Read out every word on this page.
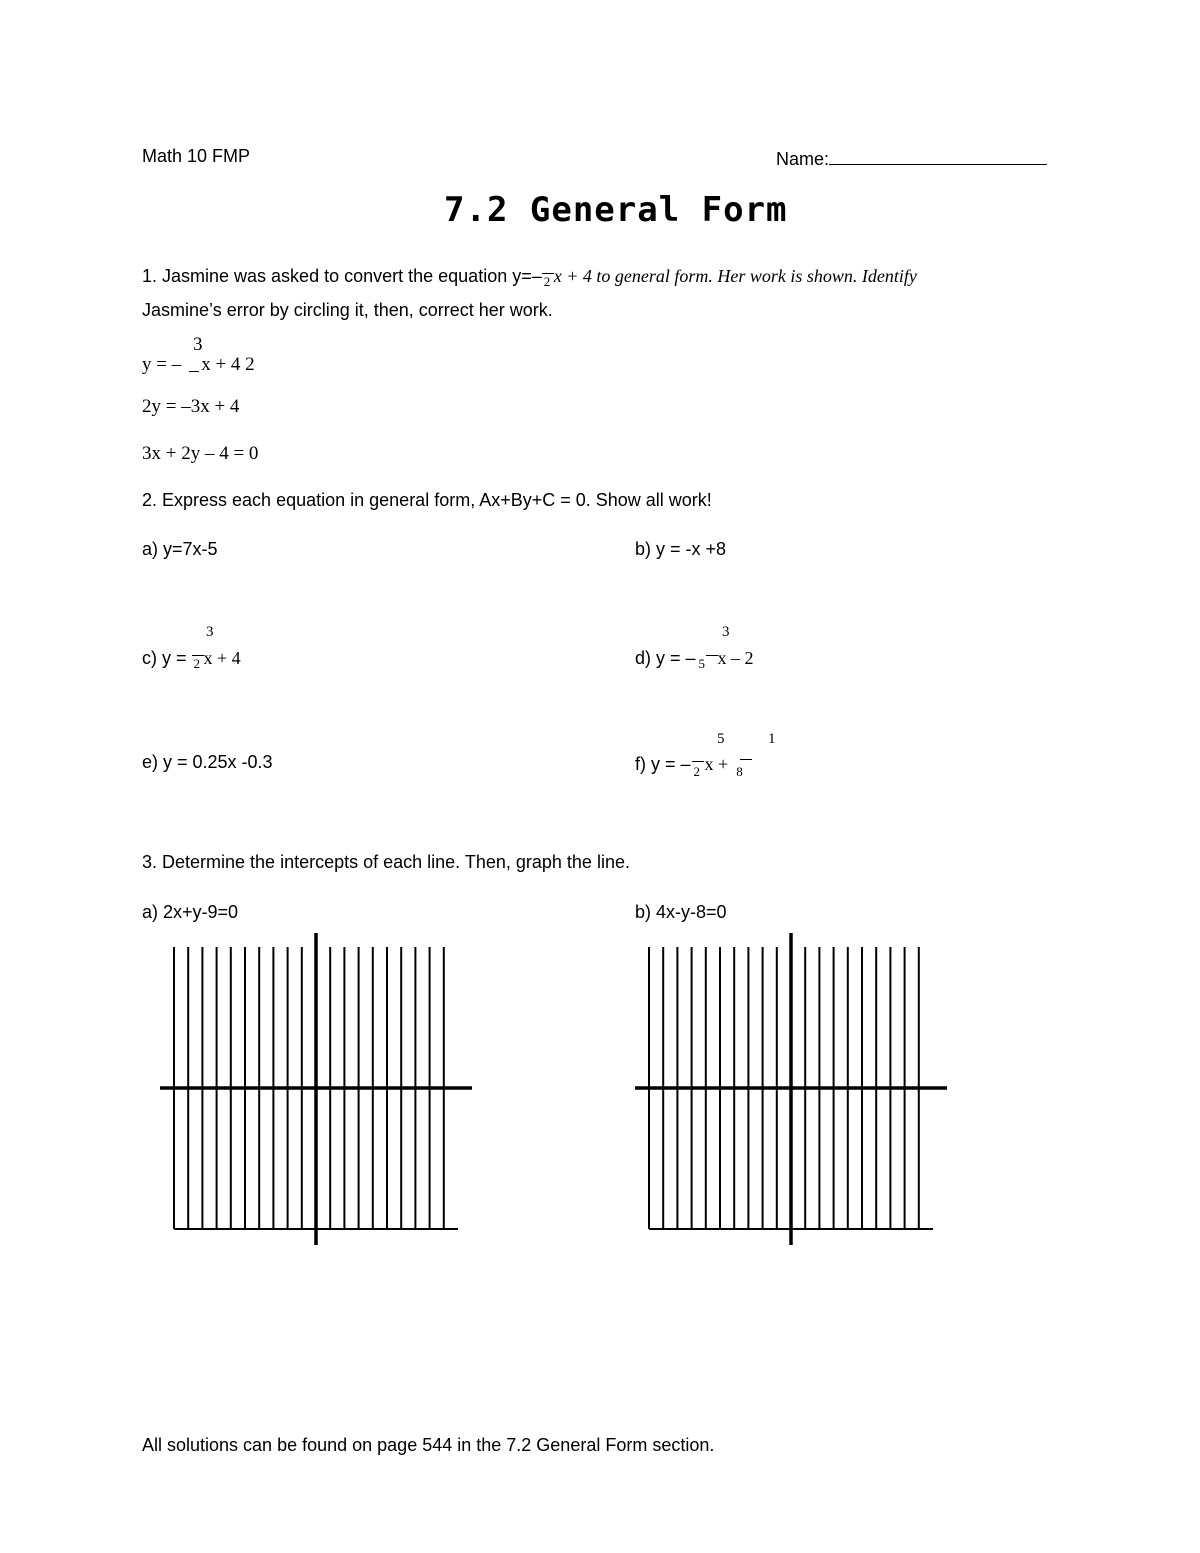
Math 10 FMP	Name:
7.2 General Form
1. Jasmine was asked to convert the equation y=– 2 x + 4 to general form. Her work is shown. Identify
Jasmine’s error by circling it, then, correct her work.
3
y = – x + 4 2
2y = –3x + 4
3x + 2y – 4 = 0
2. Express each equation in general form, Ax+By+C = 0. Show all work!
a) y=7x-5	b) y = -x +8
3
c) y = 2 x + 4
3
d) y = – 5 x – 2
e) y = 0.25x -0.3
5	1
f) y = – 2 x + 8
3. Determine the intercepts of each line. Then, graph the line.
a) 2x+y-9=0	b) 4x-y-8=0
All solutions can be found on page 544 in the 7.2 General Form section.
